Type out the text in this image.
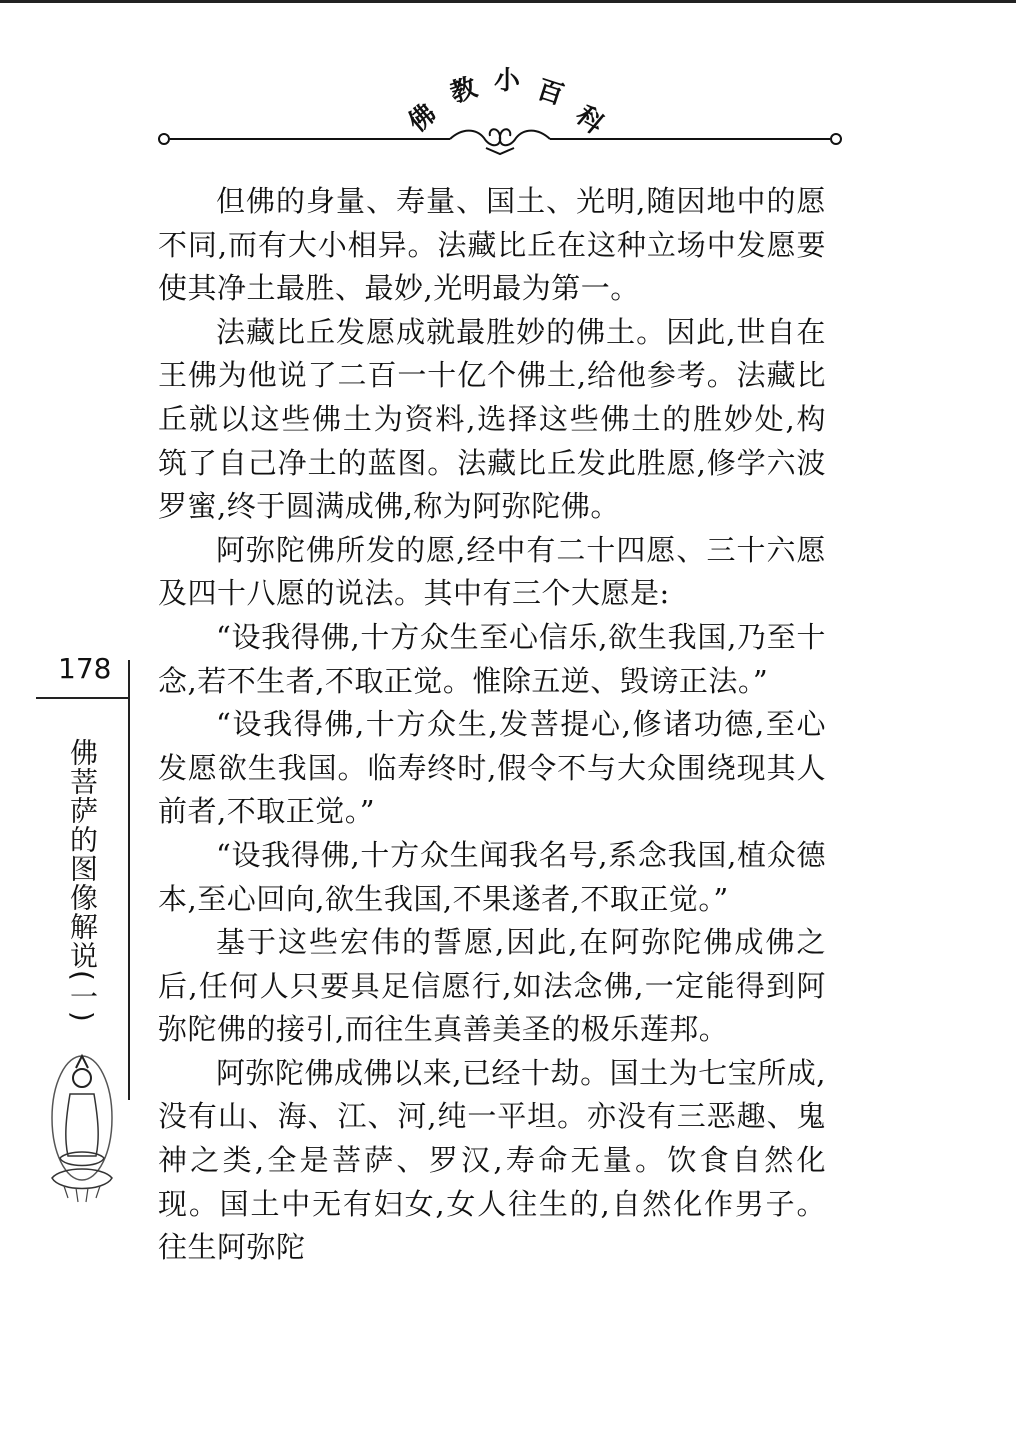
佛
教 小 百
科

但佛的身量、寿量、国土、光明,随因地中的愿不同,而有大小相异。法藏比丘在这种立场中发愿要使其净土最胜、最妙,光明最为第一。

法藏比丘发愿成就最胜妙的佛土。因此,世自在王佛为他说了二百一十亿个佛土,给他参考。法藏比丘就以这些佛土为资料,选择这些佛土的胜妙处,构筑了自己净土的蓝图。法藏比丘发此胜愿,修学六波罗蜜,终于圆满成佛,称为阿弥陀佛。

阿弥陀佛所发的愿,经中有二十四愿、三十六愿及四十八愿的说法。其中有三个大愿是:

“设我得佛,十方众生至心信乐,欲生我国,乃至十念,若不生者,不取正觉。惟除五逆、毁谤正法。”

“设我得佛,十方众生,发菩提心,修诸功德,至心发愿欲生我国。临寿终时,假令不与大众围绕现其人前者,不取正觉。”

“设我得佛,十方众生闻我名号,系念我国,植众德本,至心回向,欲生我国,不果遂者,不取正觉。”

基于这些宏伟的誓愿,因此,在阿弥陀佛成佛之后,任何人只要具足信愿行,如法念佛,一定能得到阿弥陀佛的接引,而往生真善美圣的极乐莲邦。

阿弥陀佛成佛以来,已经十劫。国土为七宝所成,没有山、海、江、河,纯一平坦。亦没有三恶趣、鬼神之类,全是菩萨、罗汉,寿命无量。饮食自然化现。国土中无有妇女,女人往生的,自然化作男子。往生阿弥陀

178
佛菩萨的图像解说(一)
